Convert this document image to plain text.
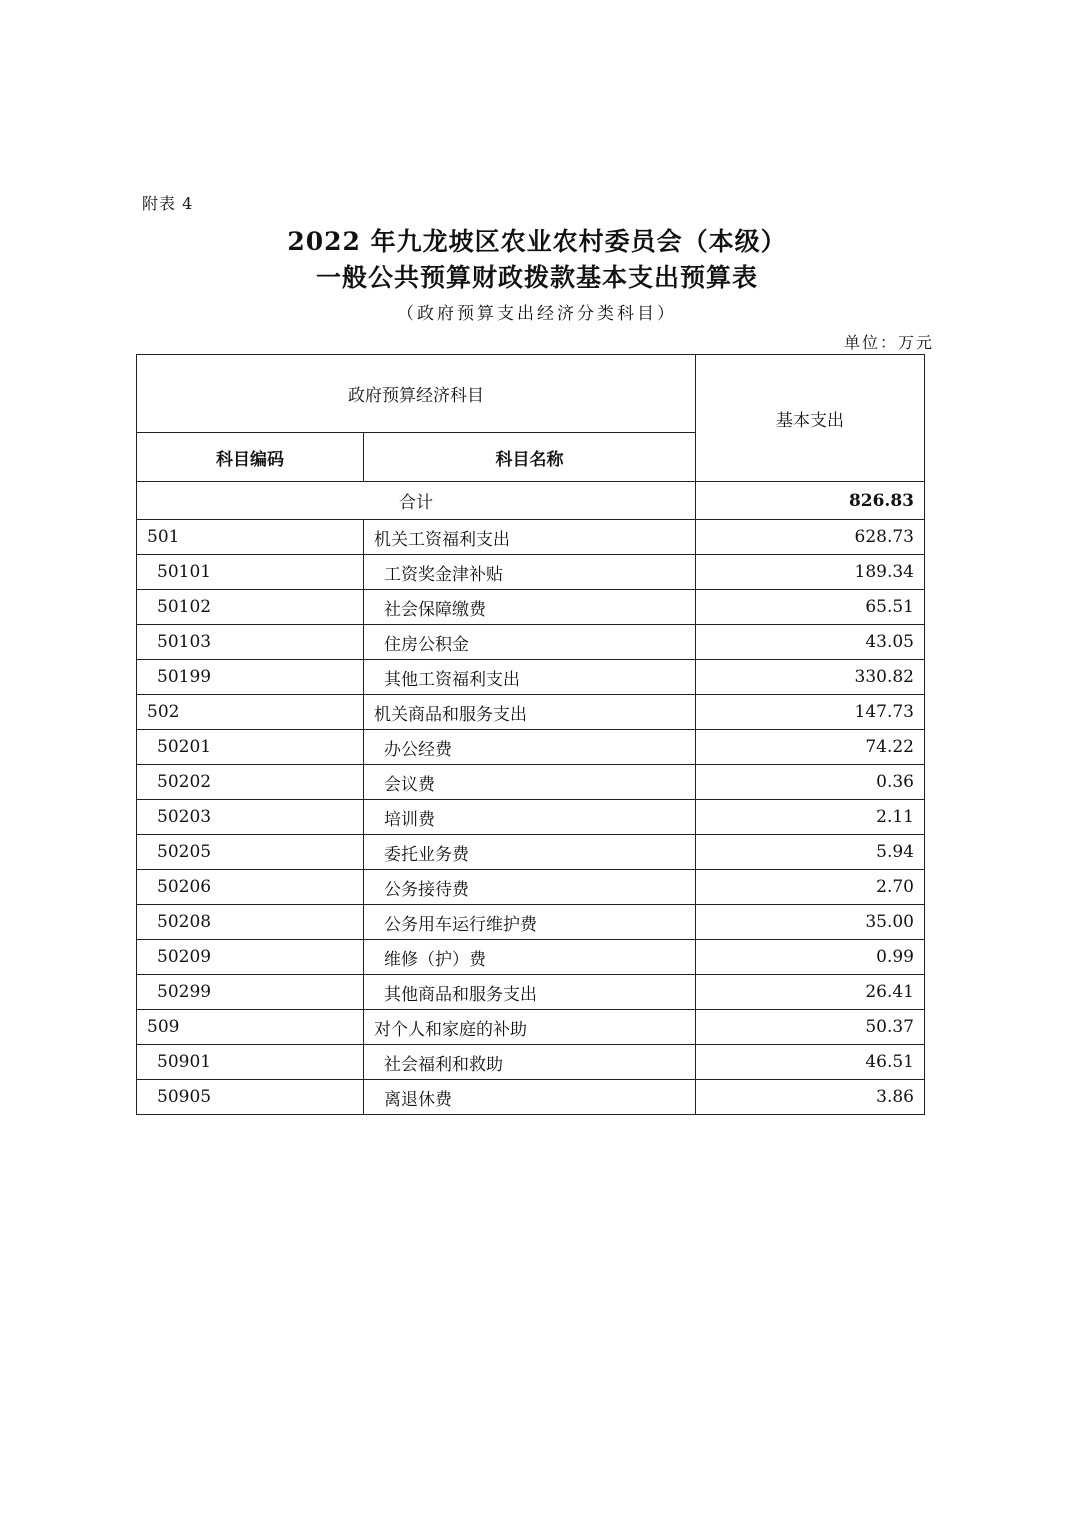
附表 4
2022 年九龙坡区农业农村委员会（本级）
一般公共预算财政拨款基本支出预算表
（政府预算支出经济分类科目）
单位：万元
政府预算经济科目		基本支出
科目编码	科目名称	
合计		826.83
501	机关工资福利支出	628.73
50101	工资奖金津补贴	189.34
50102	社会保障缴费	65.51
50103	住房公积金	43.05
50199	其他工资福利支出	330.82
502	机关商品和服务支出	147.73
50201	办公经费	74.22
50202	会议费	0.36
50203	培训费	2.11
50205	委托业务费	5.94
50206	公务接待费	2.70
50208	公务用车运行维护费	35.00
50209	维修（护）费	0.99
50299	其他商品和服务支出	26.41
509	对个人和家庭的补助	50.37
50901	社会福利和救助	46.51
50905	离退休费	3.86
